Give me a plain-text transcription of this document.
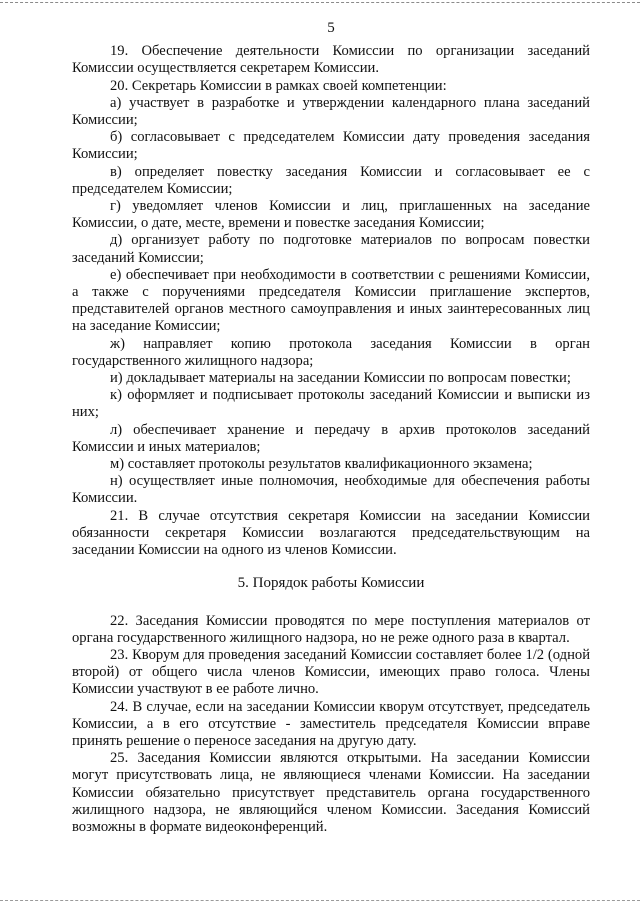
5

19. Обеспечение деятельности Комиссии по организации заседаний Комиссии осуществляется секретарем Комиссии.

20. Секретарь Комиссии в рамках своей компетенции:

а) участвует в разработке и утверждении календарного плана заседаний Комиссии;

б) согласовывает с председателем Комиссии дату проведения заседания Комиссии;

в) определяет повестку заседания Комиссии и согласовывает ее с председателем Комиссии;

г) уведомляет членов Комиссии и лиц, приглашенных на заседание Комиссии, о дате, месте, времени и повестке заседания Комиссии;

д) организует работу по подготовке материалов по вопросам повестки заседаний Комиссии;

е) обеспечивает при необходимости в соответствии с решениями Комиссии, а также с поручениями председателя Комиссии приглашение экспертов, представителей органов местного самоуправления и иных заинтересованных лиц на заседание Комиссии;

ж) направляет копию протокола заседания Комиссии в орган государственного жилищного надзора;

и) докладывает материалы на заседании Комиссии по вопросам повестки;

к) оформляет и подписывает протоколы заседаний Комиссии и выписки из них;

л) обеспечивает хранение и передачу в архив протоколов заседаний Комиссии и иных материалов;

м) составляет протоколы результатов квалификационного экзамена;

н) осуществляет иные полномочия, необходимые для обеспечения работы Комиссии.

21. В случае отсутствия секретаря Комиссии на заседании Комиссии обязанности секретаря Комиссии возлагаются председательствующим на заседании Комиссии на одного из членов Комиссии.

5. Порядок работы Комиссии

22. Заседания Комиссии проводятся по мере поступления материалов от органа государственного жилищного надзора, но не реже одного раза в квартал.

23. Кворум для проведения заседаний Комиссии составляет более 1/2 (одной второй) от общего числа членов Комиссии, имеющих право голоса. Члены Комиссии участвуют в ее работе лично.

24. В случае, если на заседании Комиссии кворум отсутствует, председатель Комиссии, а в его отсутствие - заместитель председателя Комиссии вправе принять решение о переносе заседания на другую дату.

25. Заседания Комиссии являются открытыми. На заседании Комиссии могут присутствовать лица, не являющиеся членами Комиссии. На заседании Комиссии обязательно присутствует представитель органа государственного жилищного надзора, не являющийся членом Комиссии. Заседания Комиссий возможны в формате видеоконференций.
